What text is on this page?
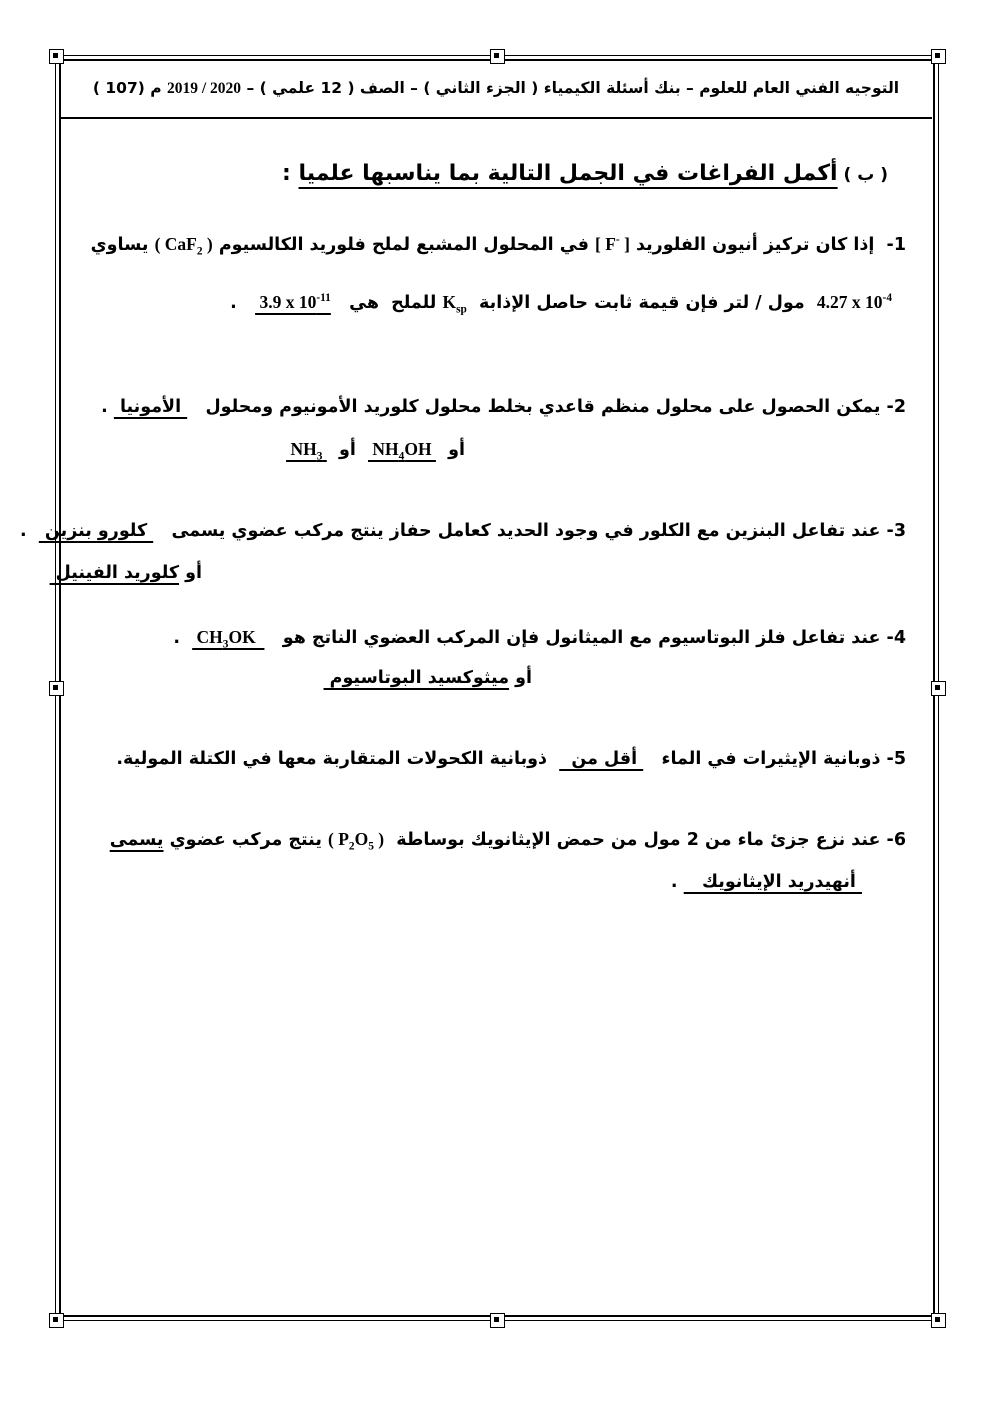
التوجيه الفني العام للعلوم – بنك أسئلة الكيمياء ( الجزء الثاني ) – الصف ( 12 علمي ) – 2019 / 2020 م (107 )
( ب ) أكمل الفراغات في الجمل التالية بما يناسبها علميا :
1-  إذا كان تركيز أنيون الفلوريد [ F- ] في المحلول المشبع لملح فلوريد الكالسيوم ( CaF$_2$ ) يساوي
4.27 x $10^{-4}$  مول / لتر فإن قيمة ثابت حاصل الإذابة  $K_{sp}$ للملح  هي    3.9 x $10^{-11}$   .
2- يمكن الحصول على محلول منظم قاعدي بخلط محلول كلوريد الأمونيوم ومحلول    الأمونيا  .
أو   $NH_4OH$   أو   $NH_3$
3- عند تفاعل البنزين مع الكلور في وجود الحديد كعامل حفاز ينتج مركب عضوي يسمى    كلورو بنزين   .
أو كلوريد الفينيل
4- عند تفاعل فلز البوتاسيوم مع الميثانول فإن المركب العضوي الناتج هو    $CH_3OK$    .
أو ميثوكسيد البوتاسيوم
5- ذوبانية الإيثيرات في الماء    أقل من    ذوبانية الكحولات المتقاربة معها في الكتلة المولية.
6- عند نزع جزئ ماء من 2 مول من حمض الإيثانويك بوساطة  ( $P_2O_5$ ) ينتج مركب عضوي يسمى
أنهيدريد الإيثانويك    .
